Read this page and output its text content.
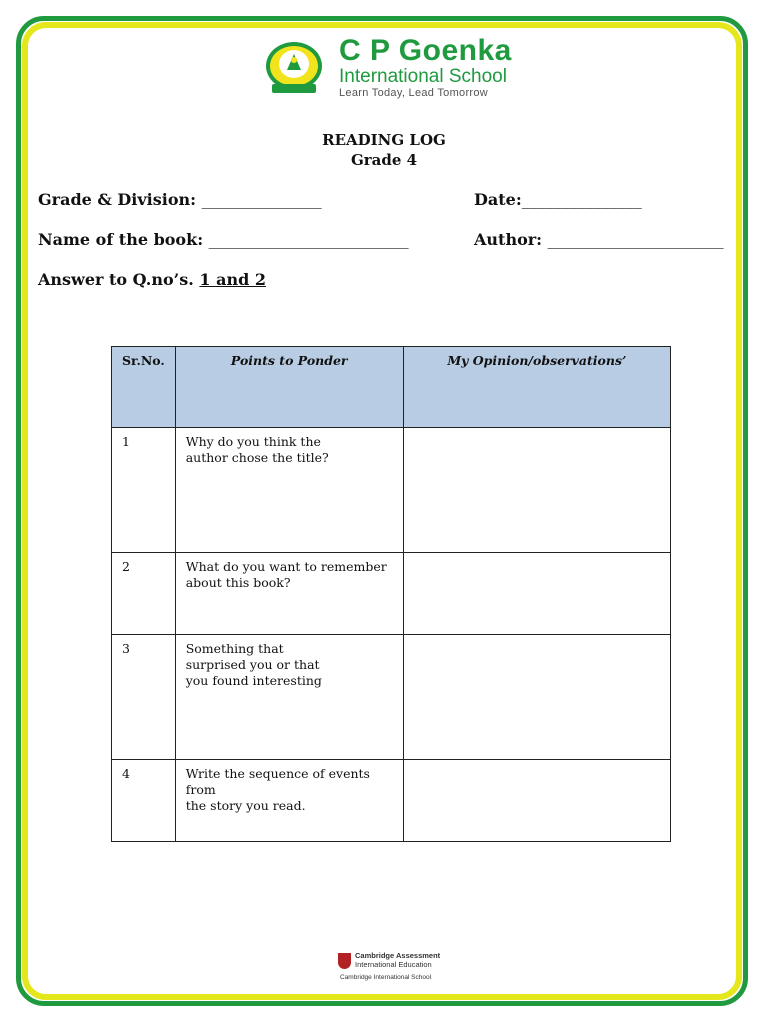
C P Goenka
International School
Learn Today, Lead Tomorrow
READING LOG
Grade 4
Grade & Division: _______________	Date:_______________
Name of the book: _________________________	Author: ______________________
Answer to Q.no’s. 1 and 2
Sr.No.	Points to Ponder	My Opinion/observations’
1	Why do you think the
author chose the title?	

2	What do you want to remember
about this book?	

3	Something that
surprised you or that
you found interesting	

4	Write the sequence of events from
the story you read.	

Cambridge Assessment
International Education
Cambridge International School
